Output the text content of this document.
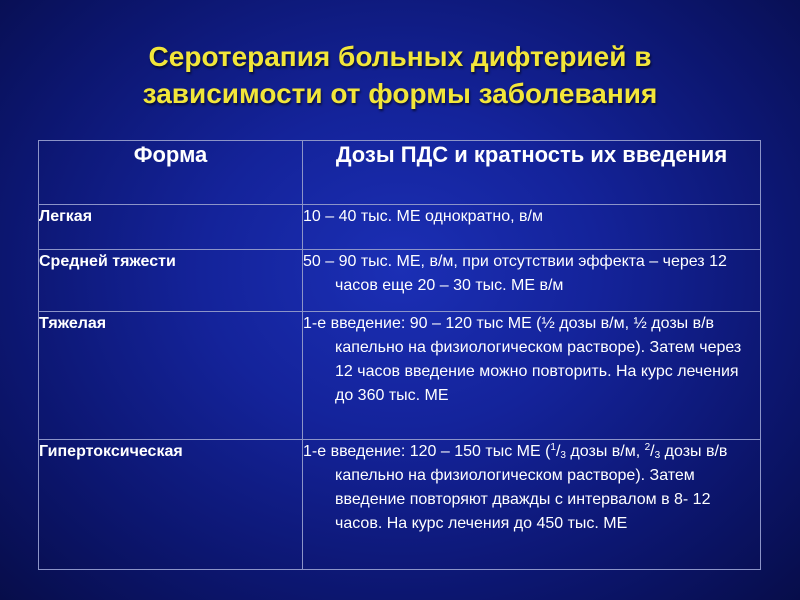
Серотерапия больных дифтерией в
зависимости от формы заболевания
Форма	Дозы ПДС и кратность их введения
Легкая	10 – 40 тыс. МЕ однократно, в/м

Средней тяжести	50 – 90 тыс. МЕ, в/м, при отсутствии эффекта – через 12 часов еще 20 – 30 тыс. МЕ в/м

Тяжелая	1-е введение: 90 – 120 тыс МЕ (½ дозы в/м, ½ дозы в/в капельно на физиологическом растворе). Затем через 12 часов введение можно повторить. На курс лечения до 360 тыс. МЕ

Гипертоксическая	1-е введение: 120 – 150 тыс МЕ ($^1/_3$ дозы в/м, $^2/_3$ дозы в/в капельно на физиологическом растворе). Затем введение повторяют дважды с интервалом в 8- 12 часов. На курс лечения до 450 тыс. МЕ
